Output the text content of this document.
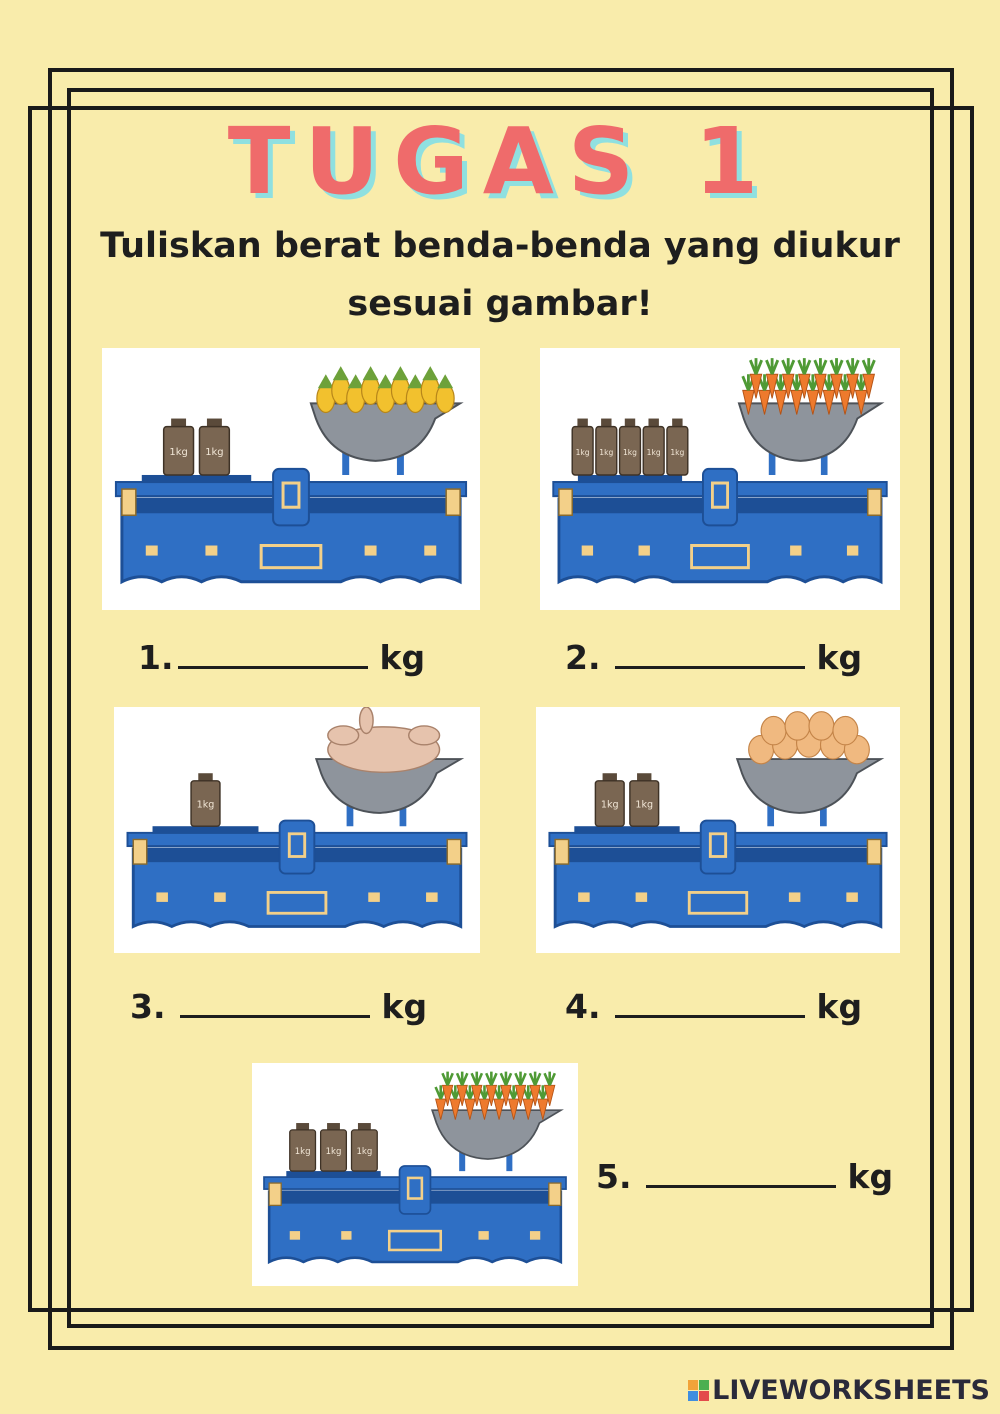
TUGAS 1
Tuliskan berat benda-benda yang diukur
sesuai gambar!
1kg 1kg	1kg 1kg 1kg 1kg 1kg
1kg	1kg 1kg
1kg 1kg 1kg
1.	kg	2.	kg
3.	kg	4.	kg
5.	kg
LIVEWORKSHEETS
